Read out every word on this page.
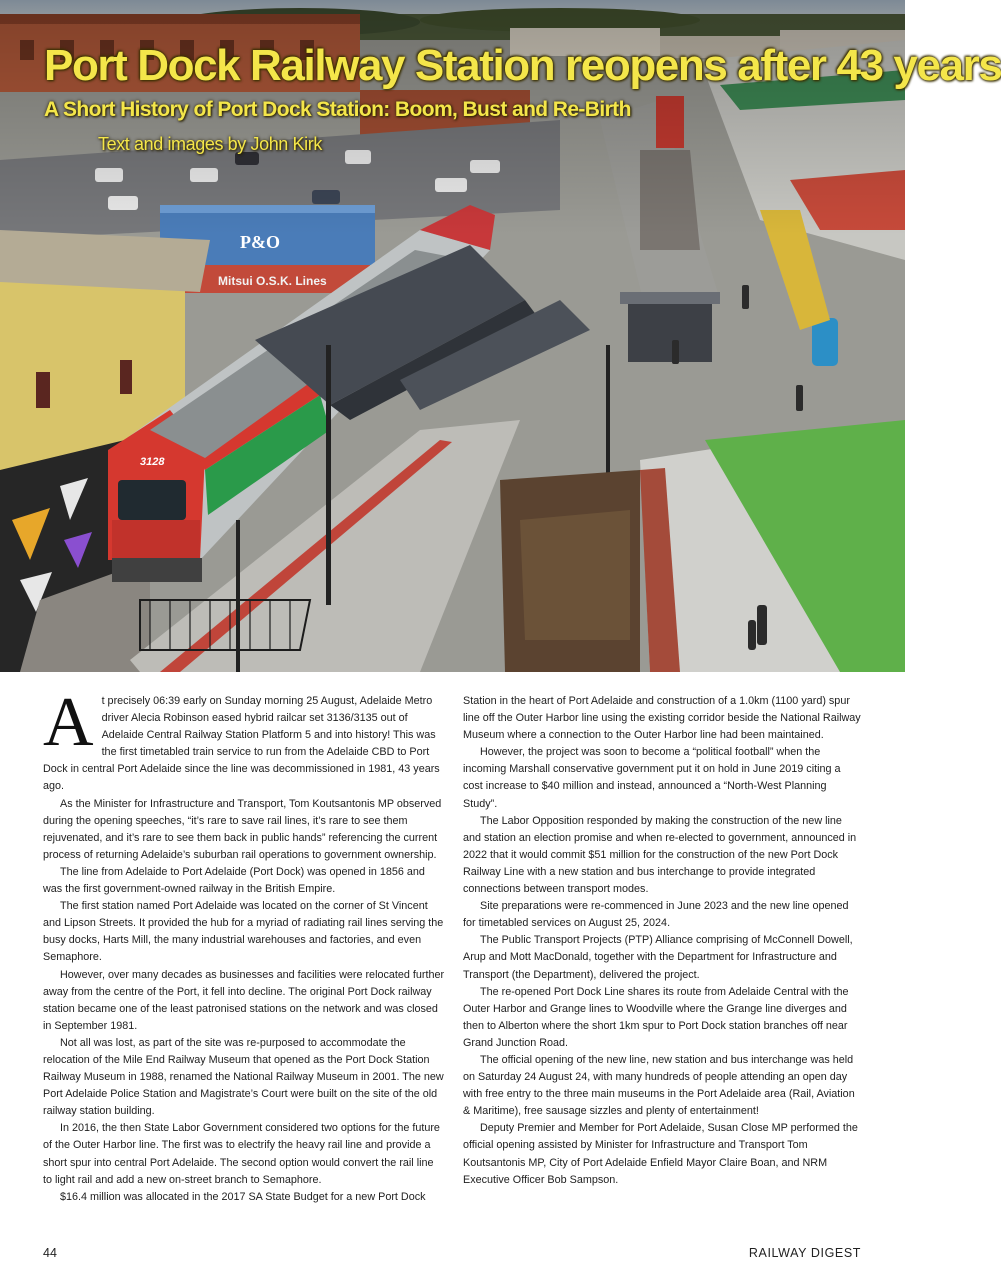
Port Dock Railway Station reopens after 43 years
A Short History of Port Dock Station: Boom, Bust and Re-Birth

Text and images by John Kirk

At precisely 06:39 early on Sunday morning 25 August, Adelaide Metro driver Alecia Robinson eased hybrid railcar set 3136/3135 out of Adelaide Central Railway Station Platform 5 and into history! This was the first timetabled train service to run from the Adelaide CBD to Port Dock in central Port Adelaide since the line was decommissioned in 1981, 43 years ago.

As the Minister for Infrastructure and Transport, Tom Koutsantonis MP observed during the opening speeches, “it’s rare to save rail lines, it’s rare to see them rejuvenated, and it’s rare to see them back in public hands” referencing the current process of returning Adelaide’s suburban rail operations to government ownership.

The line from Adelaide to Port Adelaide (Port Dock) was opened in 1856 and was the first government-owned railway in the British Empire.

The first station named Port Adelaide was located on the corner of St Vincent and Lipson Streets. It provided the hub for a myriad of radiating rail lines serving the busy docks, Harts Mill, the many industrial warehouses and factories, and even Semaphore.

However, over many decades as businesses and facilities were relocated further away from the centre of the Port, it fell into decline. The original Port Dock railway station became one of the least patronised stations on the network and was closed in September 1981.

Not all was lost, as part of the site was re-purposed to accommodate the relocation of the Mile End Railway Museum that opened as the Port Dock Station Railway Museum in 1988, renamed the National Railway Museum in 2001. The new Port Adelaide Police Station and Magistrate’s Court were built on the site of the old railway station building.

In 2016, the then State Labor Government considered two options for the future of the Outer Harbor line. The first was to electrify the heavy rail line and provide a short spur into central Port Adelaide. The second option would convert the rail line to light rail and add a new on-street branch to Semaphore.

$16.4 million was allocated in the 2017 SA State Budget for a new Port Dock

Station in the heart of Port Adelaide and construction of a 1.0km (1100 yard) spur line off the Outer Harbor line using the existing corridor beside the National Railway Museum where a connection to the Outer Harbor line had been maintained.

However, the project was soon to become a “political football” when the incoming Marshall conservative government put it on hold in June 2019 citing a cost increase to $40 million and instead, announced a “North-West Planning Study”.

The Labor Opposition responded by making the construction of the new line and station an election promise and when re-elected to government, announced in 2022 that it would commit $51 million for the construction of the new Port Dock Railway Line with a new station and bus interchange to provide integrated connections between transport modes.

Site preparations were re-commenced in June 2023 and the new line opened for timetabled services on August 25, 2024.

The Public Transport Projects (PTP) Alliance comprising of McConnell Dowell, Arup and Mott MacDonald, together with the Department for Infrastructure and Transport (the Department), delivered the project.

The re-opened Port Dock Line shares its route from Adelaide Central with the Outer Harbor and Grange lines to Woodville where the Grange line diverges and then to Alberton where the short 1km spur to Port Dock station branches off near Grand Junction Road.

The official opening of the new line, new station and bus interchange was held on Saturday 24 August 24, with many hundreds of people attending an open day with free entry to the three main museums in the Port Adelaide area (Rail, Aviation & Maritime), free sausage sizzles and plenty of entertainment!

Deputy Premier and Member for Port Adelaide, Susan Close MP performed the official opening assisted by Minister for Infrastructure and Transport Tom Koutsantonis MP, City of Port Adelaide Enfield Mayor Claire Boan, and NRM Executive Officer Bob Sampson.

44	RAILWAY DIGEST
